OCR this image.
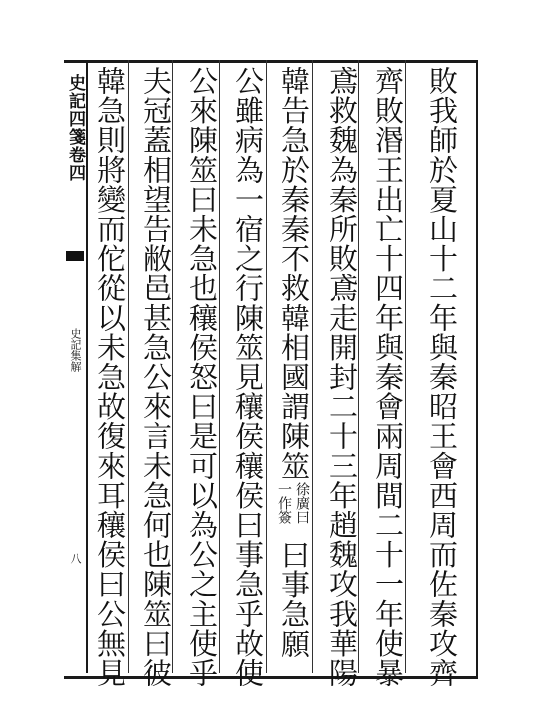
史記四箋卷四
史記集解
八	敗我師於夏山十二年與秦昭王會西周而佐秦攻齊
齊敗湣王出亡十四年與秦會兩周間二十一年使暴
鳶救魏為秦所敗鳶走開封二十三年趙魏攻我華陽
韓告急於秦秦不救韓相國謂陳筮
徐廣曰
一作簽
曰事急願
公雖病為一宿之行陳筮見穰侯穰侯曰事急乎故使
公來陳筮曰未急也穰侯怒曰是可以為公之主使乎
夫冠蓋相望告敝邑甚急公來言未急何也陳筮曰彼
韓急則將變而佗從以未急故復來耳穰侯曰公無見
